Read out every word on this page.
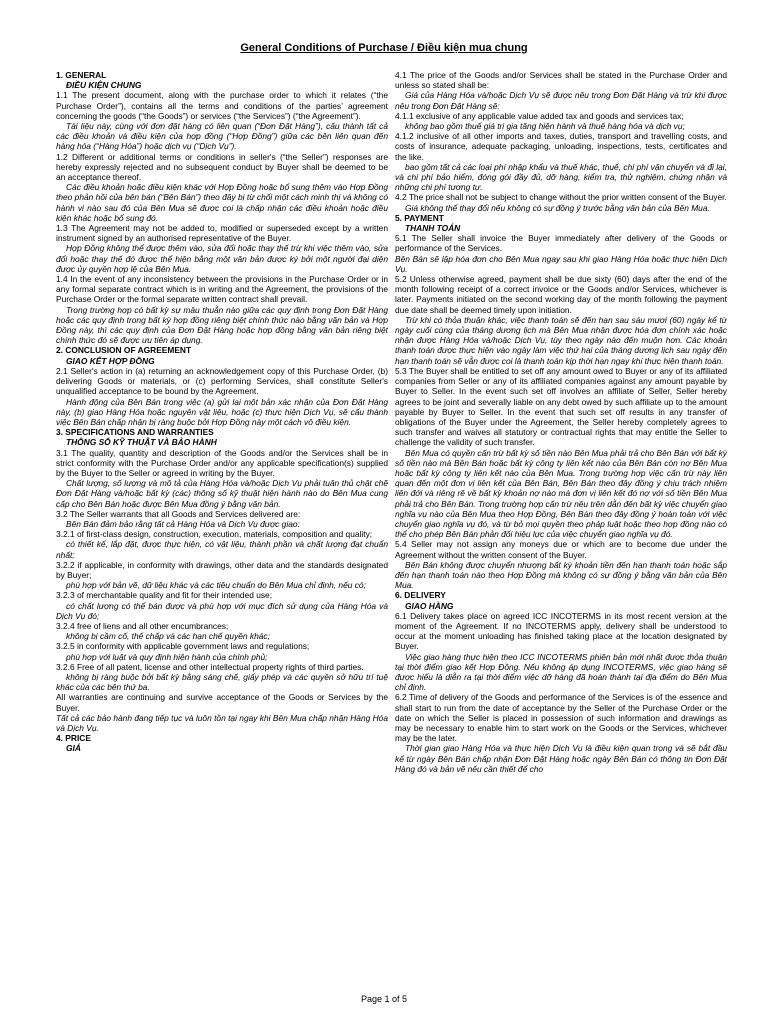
General Conditions of Purchase / Điều kiện mua chung

1. GENERAL

ĐIỀU KIỆN CHUNG

1.1 The present document, along with the purchase order to which it relates (“the Purchase Order”), contains all the terms and conditions of the parties’ agreement concerning the goods (“the Goods”) or services (“the Services”) (“the Agreement”).

Tài liệu này, cùng với đơn đặt hàng có liên quan (“Đơn Đặt Hàng”), cấu thành tất cả các điều khoản và điều kiện của hợp đồng (“Hợp Đồng”) giữa các bên liên quan đến hàng hóa (“Hàng Hóa”) hoặc dịch vụ (“Dịch Vụ”).

1.2 Different or additional terms or conditions in seller's (“the Seller”) responses are hereby expressly rejected and no subsequent conduct by Buyer shall be deemed to be an acceptance thereof.

Các điều khoản hoặc điều kiện khác với Hợp Đồng hoặc bổ sung thêm vào Hợp Đồng theo phản hồi của bên bán (“Bên Bán”) theo đây bị từ chối một cách minh thị và không có hành vi nào sau đó của Bên Mua sẽ được coi là chấp nhận các điều khoản hoặc điều kiện khác hoặc bổ sung đó.

1.3 The Agreement may not be added to, modified or superseded except by a written instrument signed by an authorised representative of the Buyer.

Hợp Đồng không thể được thêm vào, sửa đổi hoặc thay thế trừ khi việc thêm vào, sửa đổi hoặc thay thế đó được thể hiện bằng một văn bản được ký bởi một người đại diện được ủy quyền hợp lệ của Bên Mua.

1.4 In the event of any inconsistency between the provisions in the Purchase Order or in any formal separate contract which is in writing and the Agreement, the provisions of the Purchase Order or the formal separate written contract shall prevail.

Trong trường hợp có bất kỳ sự mâu thuẫn nào giữa các quy định trong Đơn Đặt Hàng hoặc các quy định trong bất kỳ hợp đồng riêng biệt chính thức nào bằng văn bản và Hợp Đồng này, thì các quy định của Đơn Đặt Hàng hoặc hợp đồng bằng văn bản riêng biệt chính thức đó sẽ được ưu tiên áp dụng.

2. CONCLUSION OF AGREEMENT

GIAO KẾT HỢP ĐỒNG

2.1 Seller's action in (a) returning an acknowledgement copy of this Purchase Order, (b) delivering Goods or materials, or (c) performing Services, shall constitute Seller's unqualified acceptance to be bound by the Agreement.

Hành động của Bên Bán trong việc (a) gửi lại một bản xác nhận của Đơn Đặt Hàng này, (b) giao Hàng Hóa hoặc nguyên vật liệu, hoặc (c) thực hiện Dịch Vụ, sẽ cấu thành việc Bên Bán chấp nhận bị ràng buộc bởi Hợp Đồng này một cách vô điều kiện.

3. SPECIFICATIONS AND WARRANTIES

THÔNG SỐ KỸ THUẬT VÀ BẢO HÀNH

3.1 The quality, quantity and description of the Goods and/or the Services shall be in strict conformity with the Purchase Order and/or any applicable specification(s) supplied by the Buyer to the Seller or agreed in writing by the Buyer.

Chất lượng, số lượng và mô tả của Hàng Hóa và/hoặc Dịch Vụ phải tuân thủ chặt chẽ Đơn Đặt Hàng và/hoặc bất kỳ (các) thông số kỹ thuật hiện hành nào do Bên Mua cung cấp cho Bên Bán hoặc được Bên Mua đồng ý bằng văn bản.

3.2 The Seller warrants that all Goods and Services delivered are:

Bên Bán đảm bảo rằng tất cả Hàng Hóa và Dịch Vụ được giao:

3.2.1 of first-class design, construction, execution, materials, composition and quality;

có thiết kế, lắp đặt, được thực hiện, có vật liệu, thành phần và chất lượng đạt chuẩn nhất;

3.2.2 if applicable, in conformity with drawings, other data and the standards designated by Buyer;

phù hợp với bản vẽ, dữ liệu khác và các tiêu chuẩn do Bên Mua chỉ định, nếu có;

3.2.3 of merchantable quality and fit for their intended use;

có chất lượng có thể bán được và phù hợp với mục đích sử dụng của Hàng Hóa và Dịch Vụ đó;

3.2.4 free of liens and all other encumbrances;

không bị cầm cố, thế chấp và các hạn chế quyền khác;

3.2.5 in conformity with applicable government laws and regulations;

phù hợp với luật và quy định hiện hành của chính phủ;

3.2.6 Free of all patent, license and other intellectual property rights of third parties.

không bị ràng buộc bởi bất kỳ bằng sáng chế, giấy phép và các quyền sở hữu trí tuệ khác của các bên thứ ba.

All warranties are continuing and survive acceptance of the Goods or Services by the Buyer.

Tất cả các bảo hành đang tiếp tục và luôn tồn tại ngay khi Bên Mua chấp nhận Hàng Hóa và Dịch Vụ.

4. PRICE

GIÁ

4.1 The price of the Goods and/or Services shall be stated in the Purchase Order and unless so stated shall be:

Giá của Hàng Hóa và/hoặc Dịch Vụ sẽ được nêu trong Đơn Đặt Hàng và trừ khi được nêu trong Đơn Đặt Hàng sẽ:

4.1.1 exclusive of any applicable value added tax and goods and services tax;

không bao gồm thuế giá trị gia tăng hiện hành và thuế hàng hóa và dịch vụ;

4.1.2 inclusive of all other imports and taxes, duties, transport and travelling costs, and costs of insurance, adequate packaging, unloading, inspections, tests, certificates and the like.

bao gồm tất cả các loại phí nhập khẩu và thuế khác, thuế, chi phí vận chuyển và đi lại, và chi phí bảo hiểm, đóng gói đầy đủ, dỡ hàng, kiểm tra, thử nghiệm, chứng nhận và những chi phí tương tự.

4.2 The price shall not be subject to change without the prior written consent of the Buyer.

Giá không thể thay đổi nếu không có sự đồng ý trước bằng văn bản của Bên Mua.

5. PAYMENT

THANH TOÁN

5.1 The Seller shall invoice the Buyer immediately after delivery of the Goods or performance of the Services.

Bên Bán sẽ lập hóa đơn cho Bên Mua ngay sau khi giao Hàng Hóa hoặc thực hiện Dịch Vụ.

5.2 Unless otherwise agreed, payment shall be due sixty (60) days after the end of the month following receipt of a correct invoice or the Goods and/or Services, whichever is later. Payments initiated on the second working day of the month following the payment due date shall be deemed timely upon initiation.

Trừ khi có thỏa thuận khác, việc thanh toán sẽ đến hạn sau sáu mươi (60) ngày kể từ ngày cuối cùng của tháng dương lịch mà Bên Mua nhận được hóa đơn chính xác hoặc nhận được Hàng Hóa và/hoặc Dịch Vụ, tùy theo ngày nào đến muộn hơn. Các khoản thanh toán được thực hiện vào ngày làm việc thứ hai của tháng dương lịch sau ngày đến hạn thanh toán sẽ vẫn được coi là thanh toán kịp thời hạn ngay khi thực hiện thanh toán.

5.3 The Buyer shall be entitled to set off any amount owed to Buyer or any of its affiliated companies from Seller or any of its affiliated companies against any amount payable by Buyer to Seller. In the event such set off involves an affiliate of Seller, Seller hereby agrees to be joint and severally liable on any debt owed by such affiliate up to the amount payable by Buyer to Seller. In the event that such set off results in any transfer of obligations of the Buyer under the Agreement, the Seller hereby completely agrees to such transfer and waives all statutory or contractual rights that may entitle the Seller to challenge the validity of such transfer.

Bên Mua có quyền cấn trừ bất kỳ số tiền nào Bên Mua phải trả cho Bên Bán với bất kỳ số tiền nào mà Bên Bán hoặc bất kỳ công ty liên kết nào của Bên Bán còn nợ Bên Mua hoặc bất kỳ công ty liên kết nào của Bên Mua. Trong trường hợp việc cấn trừ này liên quan đến một đơn vị liên kết của Bên Bán, Bên Bán theo đây đồng ý chịu trách nhiệm liên đới và riêng rẽ về bất kỳ khoản nợ nào mà đơn vị liên kết đó nợ với số tiền Bên Mua phải trả cho Bên Bán. Trong trường hợp cấn trừ nêu trên dẫn đến bất kỳ việc chuyển giao nghĩa vụ nào của Bên Mua theo Hợp Đồng, Bên Bán theo đây đồng ý hoàn toàn với việc chuyển giao nghĩa vụ đó, và từ bỏ mọi quyền theo pháp luật hoặc theo hợp đồng nào có thể cho phép Bên Bán phản đối hiệu lực của việc chuyển giao nghĩa vụ đó.

5.4 Seller may not assign any moneys due or which are to become due under the Agreement without the written consent of the Buyer.

Bên Bán không được chuyển nhượng bất kỳ khoản tiền đến hạn thanh toán hoặc sắp đến hạn thanh toán nào theo Hợp Đồng mà không có sự đồng ý bằng văn bản của Bên Mua.

6. DELIVERY

GIAO HÀNG

6.1 Delivery takes place on agreed ICC INCOTERMS in its most recent version at the moment of the Agreement. If no INCOTERMS apply, delivery shall be understood to occur at the moment unloading has finished taking place at the location designated by Buyer.

Việc giao hàng thực hiện theo ICC INCOTERMS phiên bản mới nhất được thỏa thuận tại thời điểm giao kết Hợp Đồng. Nếu không áp dụng INCOTERMS, việc giao hàng sẽ được hiểu là diễn ra tại thời điểm việc dỡ hàng đã hoàn thành tại địa điểm do Bên Mua chỉ định.

6.2 Time of delivery of the Goods and performance of the Services is of the essence and shall start to run from the date of acceptance by the Seller of the Purchase Order or the date on which the Seller is placed in possession of such information and drawings as may be necessary to enable him to start work on the Goods or the Services, whichever may be the later.

Thời gian giao Hàng Hóa và thực hiện Dịch Vụ là điều kiện quan trọng và sẽ bắt đầu kể từ ngày Bên Bán chấp nhận Đơn Đặt Hàng hoặc ngày Bên Bán có thông tin Đơn Đặt Hàng đó và bản vẽ nếu cần thiết để cho

Page 1 of 5
